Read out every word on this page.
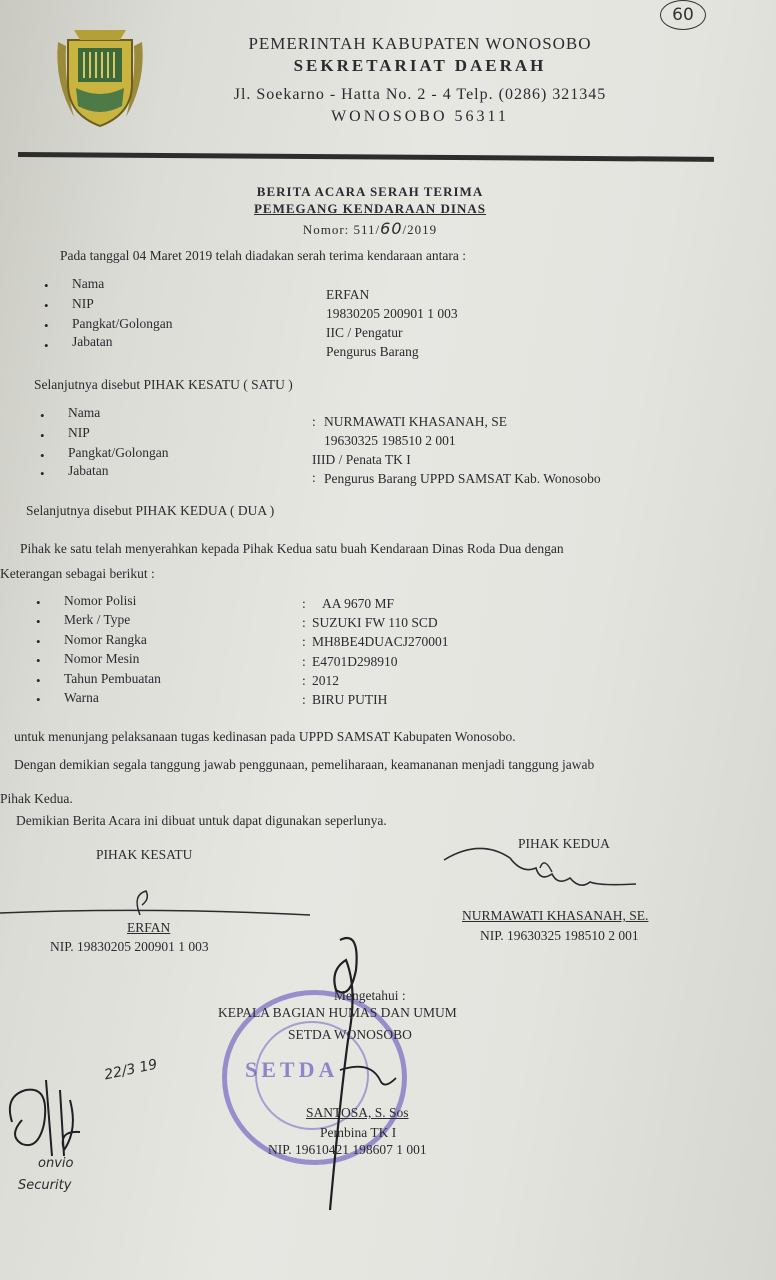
60
PEMERINTAH KABUPATEN WONOSOBO
SEKRETARIAT DAERAH
Jl. Soekarno - Hatta No. 2 - 4 Telp. (0286) 321345
WONOSOBO 56311
BERITA ACARA SERAH TERIMA
PEMEGANG KENDARAAN DINAS
Nomor: 511/60/2019
Pada tanggal 04 Maret 2019 telah diadakan serah terima kendaraan antara :
•
•
•
•
Nama
NIP
Pangkat/Golongan
Jabatan
ERFAN
19830205 200901 1 003
IIC / Pengatur
Pengurus Barang
Selanjutnya disebut PIHAK KESATU ( SATU )
•
•
•
•
Nama
NIP
Pangkat/Golongan
Jabatan
:
:
NURMAWATI KHASANAH, SE
19630325 198510 2 001
IIID / Penata TK I
Pengurus Barang UPPD SAMSAT Kab. Wonosobo
Selanjutnya disebut PIHAK KEDUA ( DUA )
Pihak ke satu telah menyerahkan kepada Pihak Kedua satu buah Kendaraan Dinas Roda Dua dengan
Keterangan sebagai berikut :
•
•
•
•
•
•
Nomor Polisi
Merk / Type
Nomor Rangka
Nomor Mesin
Tahun Pembuatan
Warna
:
:
:
:
:
:
AA 9670 MF
SUZUKI FW 110 SCD
MH8BE4DUACJ270001
E4701D298910
2012
BIRU PUTIH
untuk menunjang pelaksanaan tugas kedinasan pada UPPD SAMSAT Kabupaten Wonosobo.
Dengan demikian segala tanggung jawab penggunaan, pemeliharaan, keamananan menjadi tanggung jawab
Pihak Kedua.
Demikian Berita Acara ini dibuat untuk dapat digunakan seperlunya.
PIHAK KESATU
PIHAK KEDUA
ERFAN
NIP. 19830205 200901 1 003
NURMAWATI KHASANAH, SE.
NIP. 19630325 198510 2 001
SETDA
Mengetahui :
KEPALA BAGIAN HUMAS DAN UMUM
SETDA WONOSOBO
SANTOSA, S. Sos
Pembina TK I
NIP. 19610421 198607 1 001
22/3 19
onvio
Security
